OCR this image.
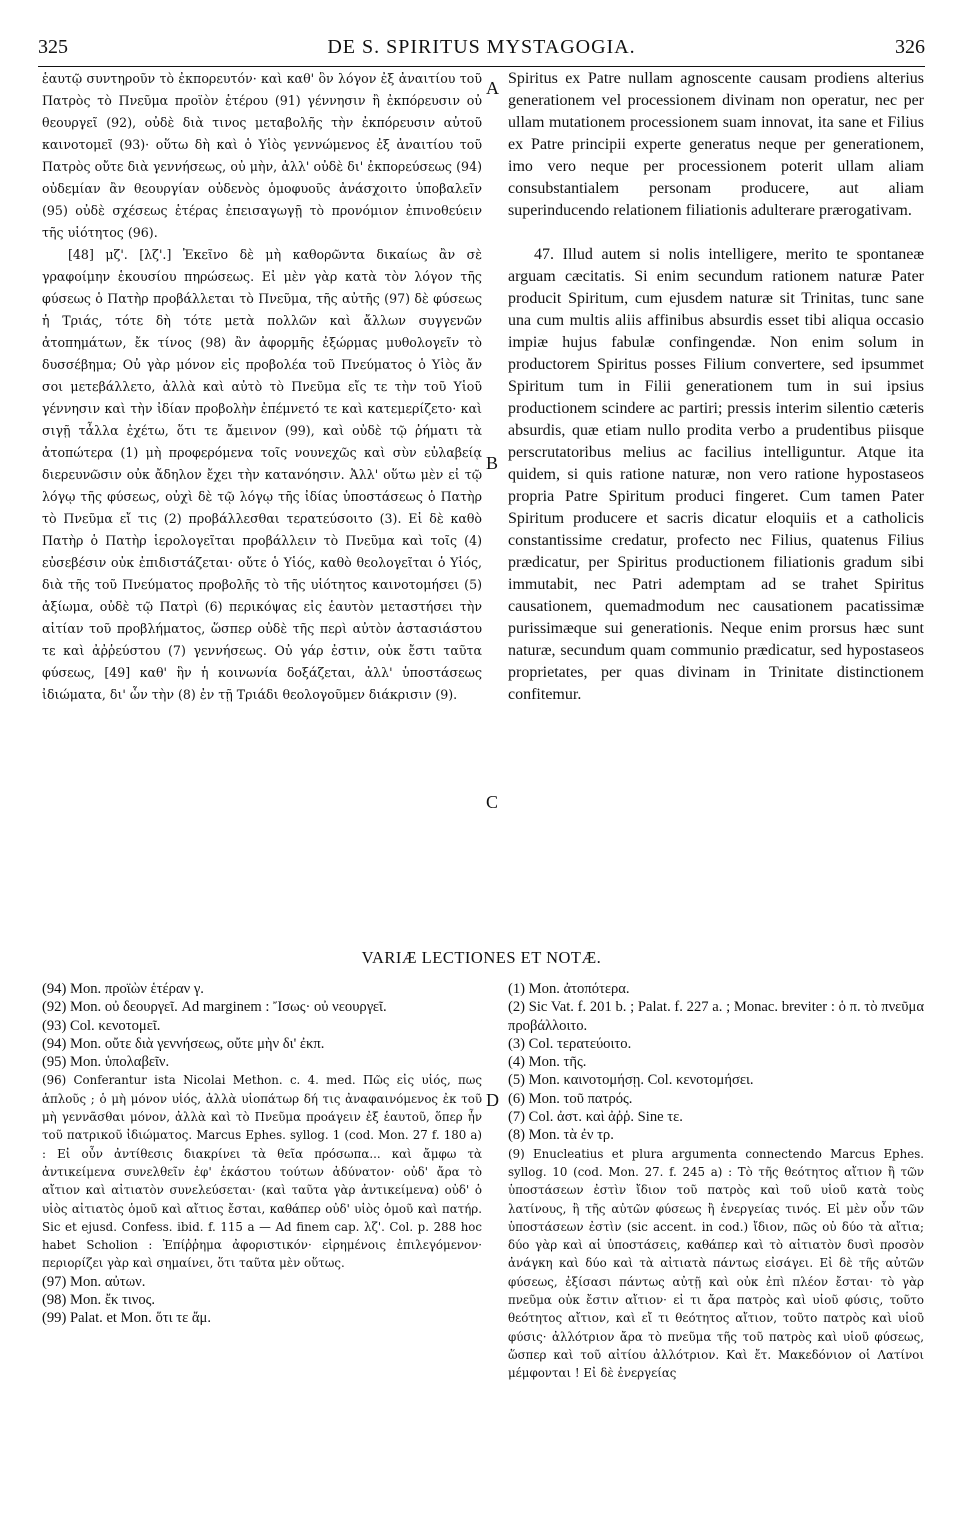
325	DE S. SPIRITUS MYSTAGOGIA.	326

ἑαυτῷ συντηροῦν τὸ ἐκπορευτόν· καὶ καθ' ὃν λόγον ἐξ ἀναιτίου τοῦ Πατρὸς τὸ Πνεῦμα προϊὸν ἑτέρου (91) γέννησιν ἢ ἐκπόρευσιν οὐ θεουργεῖ (92), οὐδὲ διὰ τινος μεταβολῆς τὴν ἐκπόρευσιν αὐτοῦ καινοτομεῖ (93)· οὕτω δὴ καὶ ὁ Υἱὸς γεννώμενος ἐξ ἀναιτίου τοῦ Πατρὸς οὔτε διὰ γεννήσεως, οὐ μὴν, ἀλλ' οὐδὲ δι' ἐκπορεύσεως (94) οὐδεμίαν ἂν θεουργίαν οὐδενὸς ὁμοφυοῦς ἀνάσχοιτο ὑποβαλεῖν (95) οὐδὲ σχέσεως ἑτέρας ἐπεισαγωγῇ τὸ προνόμιον ἐπινοθεύειν τῆς υἱότητος (96).

[48] μζ'. [λζ'.] Ἐκεῖνο δὲ μὴ καθορῶντα δικαίως ἂν σὲ γραφοίμην ἑκουσίου πηρώσεως. Εἰ μὲν γὰρ κατὰ τὸν λόγον τῆς φύσεως ὁ Πατὴρ προβάλλεται τὸ Πνεῦμα, τῆς αὐτῆς (97) δὲ φύσεως ἡ Τριάς, τότε δὴ τότε μετὰ πολλῶν καὶ ἄλλων συγγενῶν ἀτοπημάτων, ἔκ τίνος (98) ἂν ἀφορμῆς ἐξώρμας μυθολογεῖν τὸ δυσσέβημα; Οὐ γὰρ μόνον εἰς προβολέα τοῦ Πνεύματος ὁ Υἱὸς ἄν σοι μετεβάλλετο, ἀλλὰ καὶ αὐτὸ τὸ Πνεῦμα εἴς τε τὴν τοῦ Υἱοῦ γέννησιν καὶ τὴν ἰδίαν προβολὴν ἐπέμνετό τε καὶ κατεμερίζετο· καὶ σιγῇ τἆλλα ἐχέτω, ὅτι τε ἄμεινον (99), καὶ οὐδὲ τῷ ῥήματι τὰ ἀτοπώτερα (1) μὴ προφερόμενα τοῖς νουνεχῶς καὶ σὺν εὐλαβείᾳ διερευνῶσιν οὐκ ἄδηλον ἔχει τὴν κατανόησιν. Ἀλλ' οὕτω μὲν εἰ τῷ λόγῳ τῆς φύσεως, οὐχὶ δὲ τῷ λόγῳ τῆς ἰδίας ὑποστάσεως ὁ Πατὴρ τὸ Πνεῦμα εἴ τις (2) προβάλλεσθαι τερατεύσοιτο (3). Εἰ δὲ καθὸ Πατὴρ ὁ Πατὴρ ἱερολογεῖται προβάλλειν τὸ Πνεῦμα καὶ τοῖς (4) εὐσεβέσιν οὐκ ἐπιδιστάζεται· οὔτε ὁ Υἱός, καθὸ θεολογεῖται ὁ Υἱός, διὰ τῆς τοῦ Πνεύματος προβολῆς τὸ τῆς υἱότητος καινοτομήσει (5) ἀξίωμα, οὐδὲ τῷ Πατρὶ (6) περικόψας εἰς ἑαυτὸν μεταστήσει τὴν αἰτίαν τοῦ προβλήματος, ὥσπερ οὐδὲ τῆς περὶ αὐτὸν ἀστασιάστου τε καὶ ἀῤῥεύστου (7) γεννήσεως. Οὐ γάρ ἐστιν, οὐκ ἔστι ταῦτα φύσεως, [49] καθ' ἣν ἡ κοινωνία δοξάζεται, ἀλλ' ὑποστάσεως ἰδιώματα, δι' ὧν τὴν (8) ἐν τῇ Τριάδι θεολογοῦμεν διάκρισιν (9).

A
B
C
D

Spiritus ex Patre nullam agnoscente causam prodiens alterius generationem vel processionem divinam non operatur, nec per ullam mutationem processionem suam innovat, ita sane et Filius ex Patre principii experte generatus neque per generationem, imo vero neque per processionem poterit ullam aliam consubstantialem personam producere, aut aliam superinducendo relationem filiationis adulterare prærogativam.

47. Illud autem si nolis intelligere, merito te spontaneæ arguam cæcitatis. Si enim secundum rationem naturæ Pater producit Spiritum, cum ejusdem naturæ sit Trinitas, tunc sane una cum multis aliis affinibus absurdis esset tibi aliqua occasio impiæ hujus fabulæ confingendæ. Non enim solum in productorem Spiritus posses Filium convertere, sed ipsummet Spiritum tum in Filii generationem tum in sui ipsius productionem scindere ac partiri; pressis interim silentio cæteris absurdis, quæ etiam nullo prodita verbo a prudentibus piisque perscrutatoribus melius ac facilius intelliguntur. Atque ita quidem, si quis ratione naturæ, non vero ratione hypostaseos propria Patre Spiritum produci fingeret. Cum tamen Pater Spiritum producere et sacris dicatur eloquiis et a catholicis constantissime credatur, profecto nec Filius, quatenus Filius prædicatur, per Spiritus productionem filiationis gradum sibi immutabit, nec Patri ademptam ad se trahet Spiritus causationem, quemadmodum nec causationem pacatissimæ purissimæque sui generationis. Neque enim prorsus hæc sunt naturæ, secundum quam communio prædicatur, sed hypostaseos proprietates, per quas divinam in Trinitate distinctionem confitemur.

VARIÆ LECTIONES ET NOTÆ.
(94) Mon. προϊὼν ἑτέραν γ.
(92) Mon. οὐ δεουργεῖ. Ad marginem : Ἴσως· οὐ νεουργεῖ.
(93) Col. κενοτομεῖ.
(94) Mon. οὔτε διὰ γεννήσεως, οὔτε μὴν δι' ἐκπ.
(95) Mon. ὑπολαβεῖν.
(96) Conferantur ista Nicolai Methon. c. 4. med. Πῶς εἰς υἱός, πως ἁπλοῦς ; ὁ μὴ μόνον υἱός, ἀλλὰ υἱοπάτωρ δή τις ἀναφαινόμενος ἐκ τοῦ μὴ γεννᾶσθαι μόνον, ἀλλὰ καὶ τὸ Πνεῦμα προάγειν ἐξ ἑαυτοῦ, ὅπερ ἦν τοῦ πατρικοῦ ἰδιώματος. Marcus Ephes. syllog. 1 (cod. Mon. 27 f. 180 a) : Εἰ οὖν ἀντίθεσις διακρίνει τὰ θεῖα πρόσωπα... καὶ ἄμφω τὰ ἀντικείμενα συνελθεῖν ἐφ' ἑκάστου τούτων ἀδύνατον· οὐδ' ἄρα τὸ αἴτιον καὶ αἰτιατὸν συνελεύσεται· (καὶ ταῦτα γὰρ ἀντικείμενα) οὐδ' ὁ υἱὸς αἰτιατὸς ὁμοῦ καὶ αἴτιος ἔσται, καθάπερ οὐδ' υἱὸς ὁμοῦ καὶ πατήρ. Sic et ejusd. Confess. ibid. f. 115 a — Ad finem cap. λζ'. Col. p. 288 hoc habet Scholion : Ἐπίῤῥημα ἀφοριστικόν· εἰρημένοις ἐπιλεγόμενον· περιορίζει γὰρ καὶ σημαίνει, ὅτι ταῦτα μὲν οὕτως.
(97) Mon. αὐτων.
(98) Mon. ἔκ τινος.
(99) Palat. et Mon. ὅτι τε ἄμ.
(1) Mon. ἀτοπότερα.
(2) Sic Vat. f. 201 b. ; Palat. f. 227 a. ; Monac. breviter : ὁ π. τὸ πνεῦμα προβάλλοιτο.
(3) Col. τερατεύοιτο.
(4) Mon. τῆς.
(5) Mon. καινοτομήσῃ. Col. κενοτομήσει.
(6) Mon. τοῦ πατρός.
(7) Col. ἀστ. καὶ ἀῤῥ. Sine τε.
(8) Mon. τὰ ἐν τρ.
(9) Enucleatius et plura argumenta connectendo Marcus Ephes. syllog. 10 (cod. Mon. 27. f. 245 a) : Τὸ τῆς θεότητος αἴτιον ἢ τῶν ὑποστάσεων ἐστὶν ἴδιον τοῦ πατρὸς καὶ τοῦ υἱοῦ κατὰ τοὺς λατίνους, ἢ τῆς αὐτῶν φύσεως ἢ ἐνεργείας τινός. Εἰ μὲν οὖν τῶν ὑποστάσεων ἐστὶν (sic accent. in cod.) ἴδιον, πῶς οὐ δύο τὰ αἴτια; δύο γὰρ καὶ αἱ ὑποστάσεις, καθάπερ καὶ τὸ αἰτιατὸν δυσὶ προσὸν ἀνάγκη καὶ δύο καὶ τὰ αἰτιατὰ πάντως εἰσάγει. Εἰ δὲ τῆς αὐτῶν φύσεως, ἐξίσασι πάντως αὐτῇ καὶ οὐκ ἐπὶ πλέον ἔσται· τὸ γὰρ πνεῦμα οὐκ ἔστιν αἴτιον· εἰ τι ἄρα πατρὸς καὶ υἱοῦ φύσις, τοῦτο θεότητος αἴτιον, καὶ εἴ τι θεότητος αἴτιον, τοῦτο πατρὸς καὶ υἱοῦ φύσις· ἀλλότριον ἄρα τὸ πνεῦμα τῆς τοῦ πατρὸς καὶ υἱοῦ φύσεως, ὥσπερ καὶ τοῦ αἰτίου ἀλλότριον. Καὶ ἔτ. Μακεδόνιον οἱ Λατίνοι μέμφονται ! Εἰ δὲ ἐνεργείας
